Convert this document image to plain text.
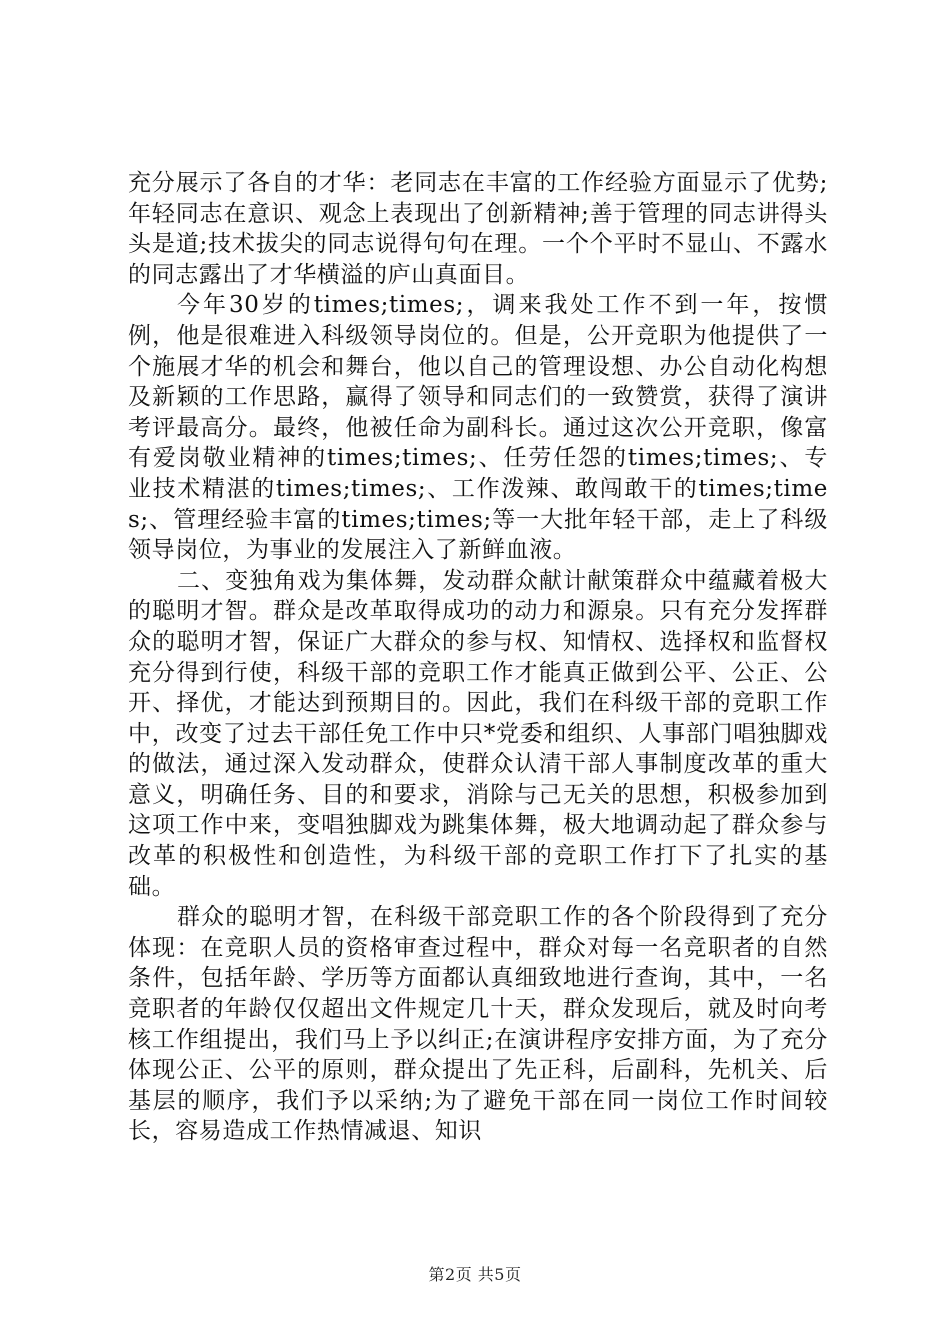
充分展示了各自的才华：老同志在丰富的工作经验方面显示了优势;年轻同志在意识、观念上表现出了创新精神;善于管理的同志讲得头头是道;技术拔尖的同志说得句句在理。一个个平时不显山、不露水的同志露出了才华横溢的庐山真面目。

今年30岁的times;times;，调来我处工作不到一年，按惯例，他是很难进入科级领导岗位的。但是，公开竞职为他提供了一个施展才华的机会和舞台，他以自己的管理设想、办公自动化构想及新颖的工作思路，赢得了领导和同志们的一致赞赏，获得了演讲考评最高分。最终，他被任命为副科长。通过这次公开竞职，像富有爱岗敬业精神的times;times;、任劳任怨的times;times;、专业技术精湛的times;times;、工作泼辣、敢闯敢干的times;times;、管理经验丰富的times;times;等一大批年轻干部，走上了科级领导岗位，为事业的发展注入了新鲜血液。

二、变独角戏为集体舞，发动群众献计献策群众中蕴藏着极大的聪明才智。群众是改革取得成功的动力和源泉。只有充分发挥群众的聪明才智，保证广大群众的参与权、知情权、选择权和监督权充分得到行使，科级干部的竞职工作才能真正做到公平、公正、公开、择优，才能达到预期目的。因此，我们在科级干部的竞职工作中，改变了过去干部任免工作中只*党委和组织、人事部门唱独脚戏的做法，通过深入发动群众，使群众认清干部人事制度改革的重大意义，明确任务、目的和要求，消除与己无关的思想，积极参加到这项工作中来，变唱独脚戏为跳集体舞，极大地调动起了群众参与改革的积极性和创造性，为科级干部的竞职工作打下了扎实的基础。

群众的聪明才智，在科级干部竞职工作的各个阶段得到了充分体现：在竞职人员的资格审查过程中，群众对每一名竞职者的自然条件，包括年龄、学历等方面都认真细致地进行查询，其中，一名竞职者的年龄仅仅超出文件规定几十天，群众发现后，就及时向考核工作组提出，我们马上予以纠正;在演讲程序安排方面，为了充分体现公正、公平的原则，群众提出了先正科，后副科，先机关、后基层的顺序，我们予以采纳;为了避免干部在同一岗位工作时间较长，容易造成工作热情减退、知识

第2页 共5页
